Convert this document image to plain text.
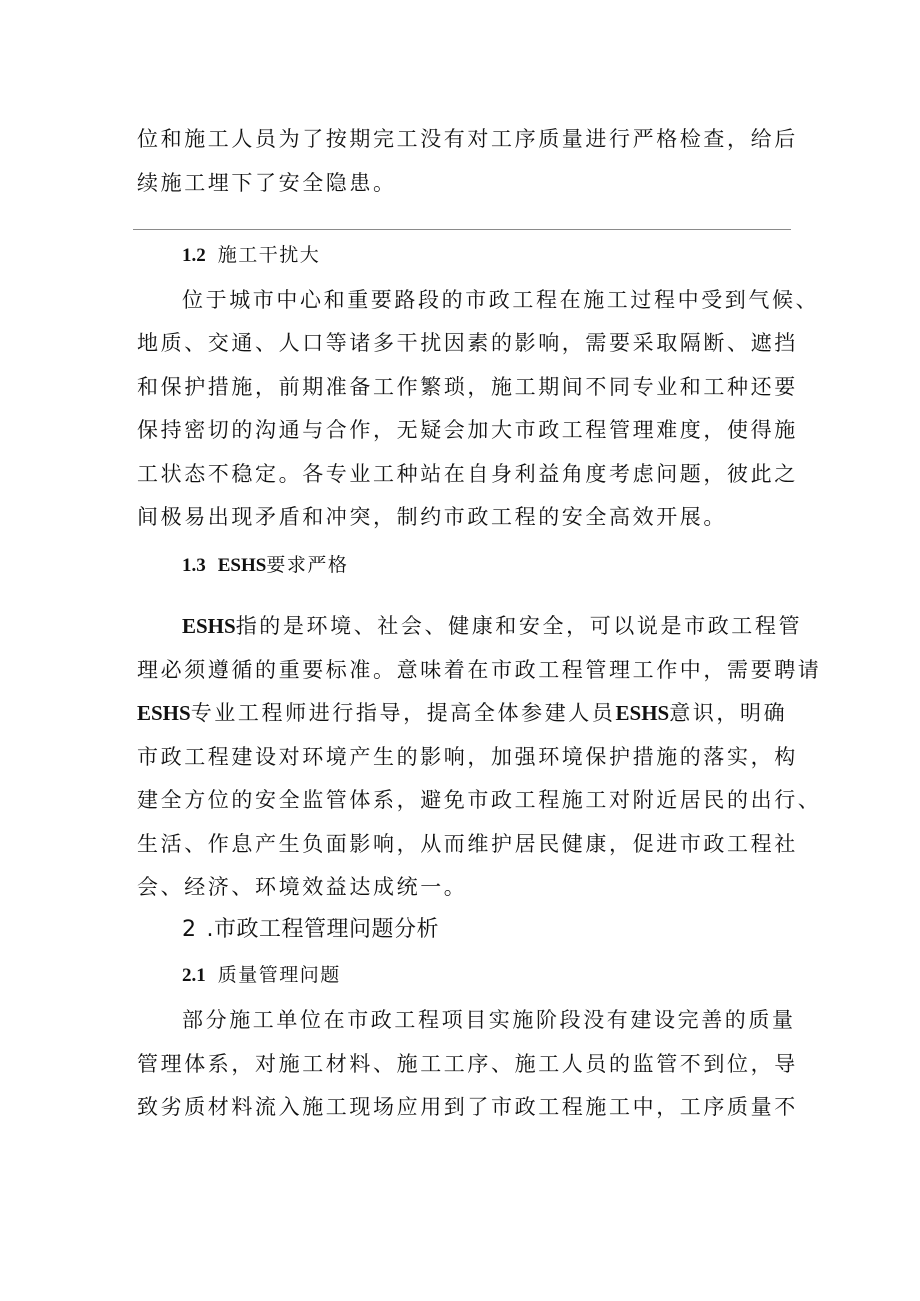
位和施工人员为了按期完工没有对工序质量进行严格检查，给后
续施工埋下了安全隐患。
1.2 施工干扰大
位于城市中心和重要路段的市政工程在施工过程中受到气候、
地质、交通、人口等诸多干扰因素的影响，需要采取隔断、遮挡
和保护措施，前期准备工作繁琐，施工期间不同专业和工种还要
保持密切的沟通与合作，无疑会加大市政工程管理难度，使得施
工状态不稳定。各专业工种站在自身利益角度考虑问题，彼此之
间极易出现矛盾和冲突，制约市政工程的安全高效开展。
1.3 ESHS要求严格
ESHS指的是环境、社会、健康和安全，可以说是市政工程管
理必须遵循的重要标准。意味着在市政工程管理工作中，需要聘请
ESHS专业工程师进行指导，提高全体参建人员ESHS意识，明确
市政工程建设对环境产生的影响，加强环境保护措施的落实，构
建全方位的安全监管体系，避免市政工程施工对附近居民的出行、
生活、作息产生负面影响，从而维护居民健康，促进市政工程社
会、经济、环境效益达成统一。
2 .市政工程管理问题分析
2.1 质量管理问题
部分施工单位在市政工程项目实施阶段没有建设完善的质量
管理体系，对施工材料、施工工序、施工人员的监管不到位，导
致劣质材料流入施工现场应用到了市政工程施工中，工序质量不
